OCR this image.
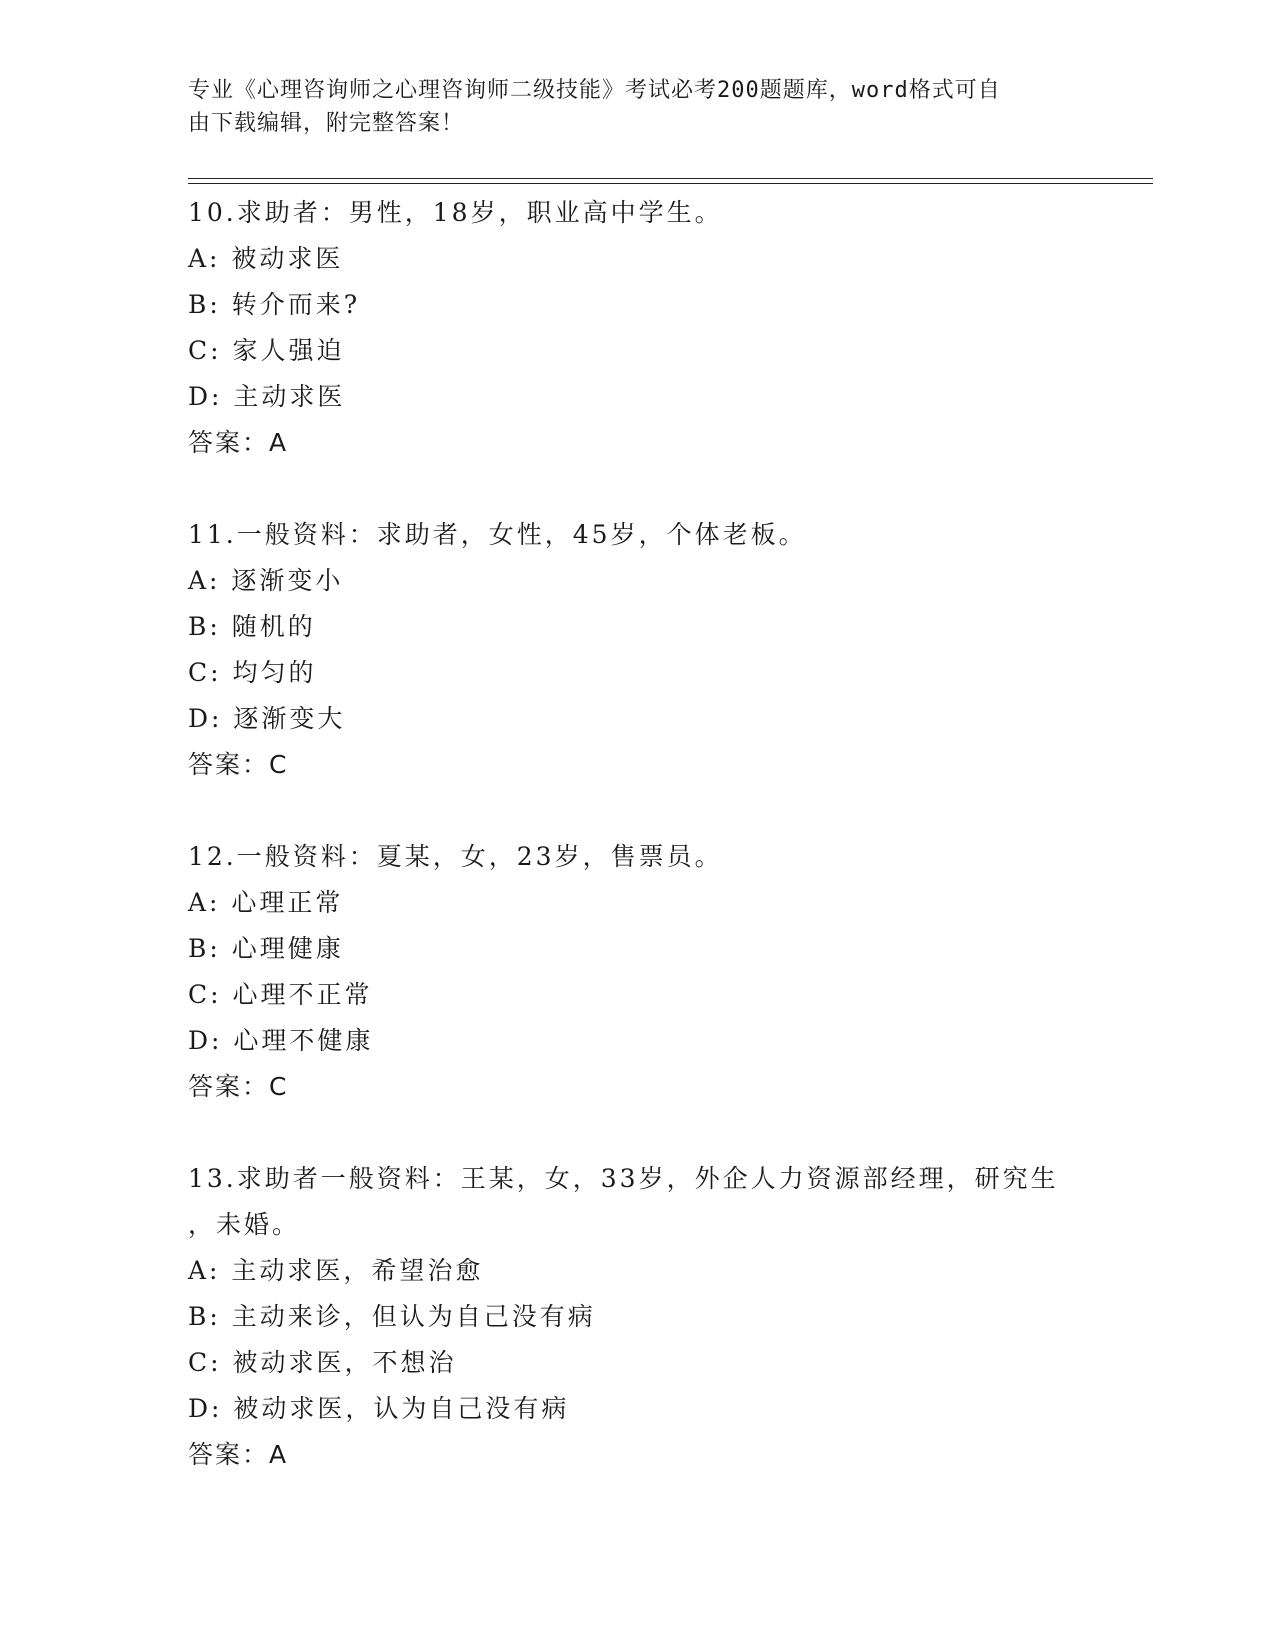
专业《心理咨询师之心理咨询师二级技能》考试必考200题题库，word格式可自
由下载编辑，附完整答案！
10.求助者：男性，18岁，职业高中学生。
A: 被动求医
B: 转介而来?
C: 家人强迫
D: 主动求医
答案：A
11.一般资料：求助者，女性，45岁，个体老板。
A: 逐渐变小
B: 随机的
C: 均匀的
D: 逐渐变大
答案：C
12.一般资料：夏某，女，23岁，售票员。
A: 心理正常
B: 心理健康
C: 心理不正常
D: 心理不健康
答案：C
13.求助者一般资料：王某，女，33岁，外企人力资源部经理，研究生
，未婚。
A: 主动求医，希望治愈
B: 主动来诊，但认为自己没有病
C: 被动求医，不想治
D: 被动求医，认为自己没有病
答案：A
